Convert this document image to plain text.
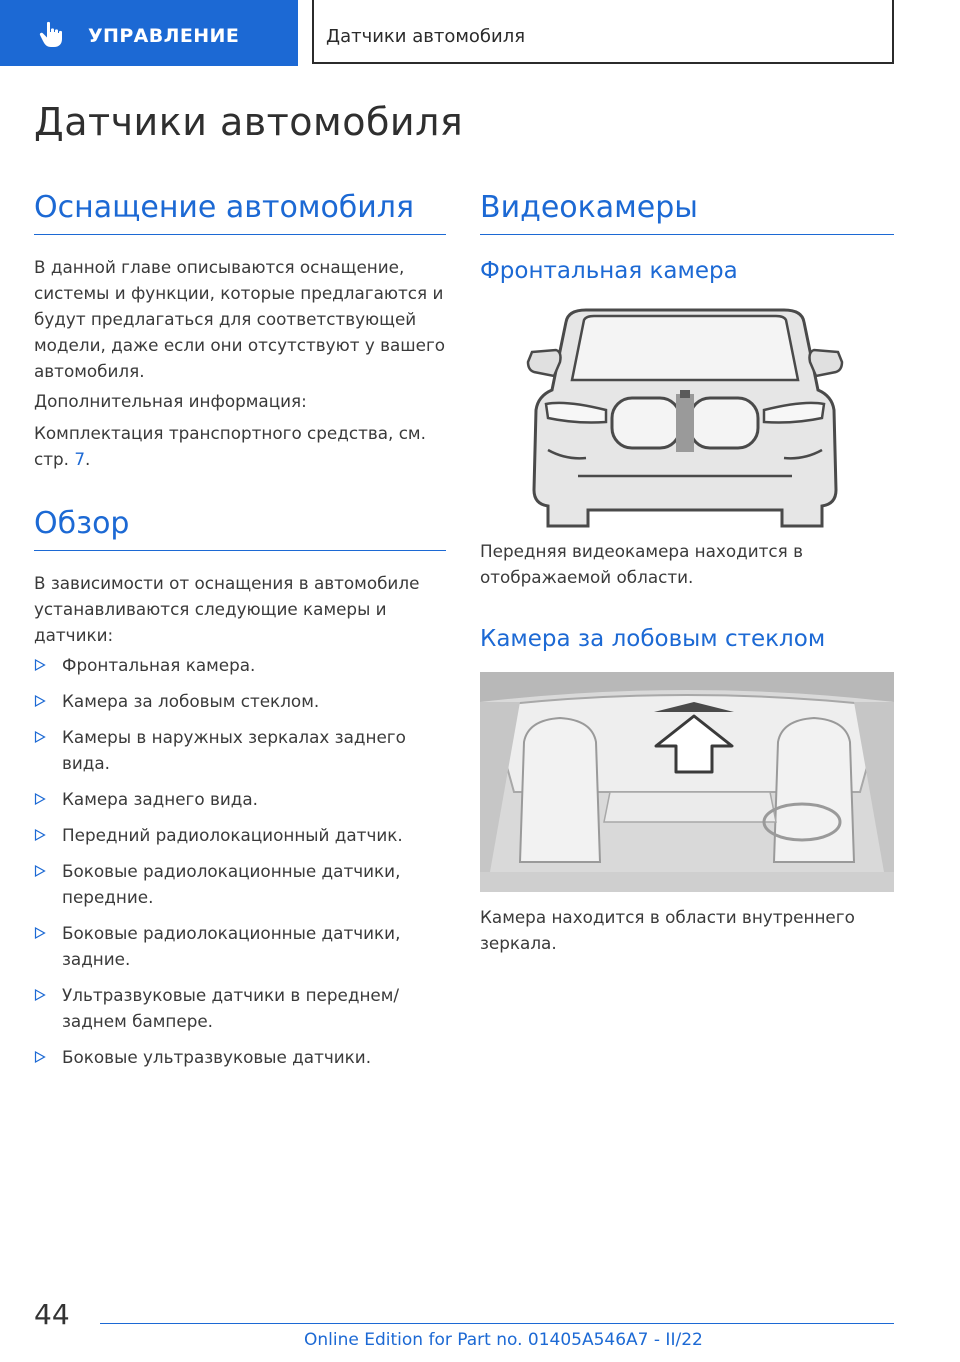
УПРАВЛЕНИЕ	Датчики автомобиля
Датчики автомобиля
Оснащение автомобиля

В данной главе описываются оснащение, системы и функции, которые предлагаются и будут предлагаться для соответствующей модели, даже если они отсутствуют у вашего автомобиля.

Дополнительная информация:

Комплектация транспортного средства, см. стр. 7.

Обзор

В зависимости от оснащения в автомобиле устанавливаются следующие камеры и датчики:

Фронтальная камера.
Камера за лобовым стеклом.
Камеры в наружных зеркалах заднего вида.
Камера заднего вида.
Передний радиолокационный датчик.
Боковые радиолокационные датчики, передние.
Боковые радиолокационные датчики, задние.
Ультразвуковые датчики в переднем/заднем бампере.
Боковые ультразвуковые датчики.
Видеокамеры
Фронтальная камера

Передняя видеокамера находится в отображаемой области.

Камера за лобовым стеклом

Камера находится в области внутреннего зеркала.

44
Online Edition for Part no. 01405A546A7 - II/22
